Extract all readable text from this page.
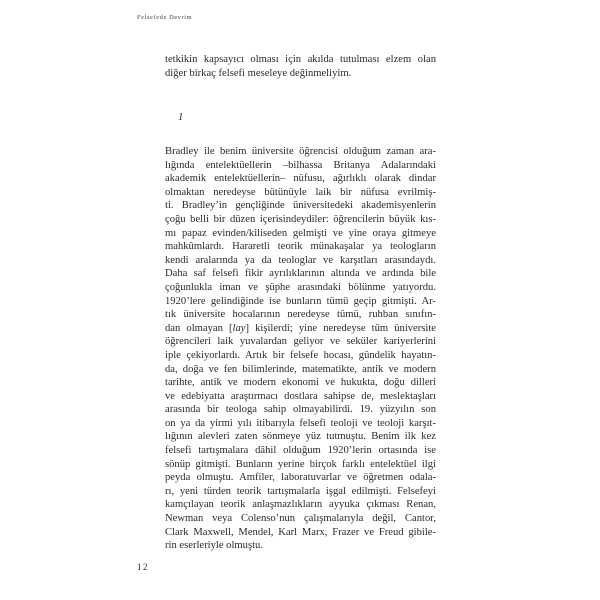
Felsefede Devrim
tetkikin kapsayıcı olması için akılda tutulması elzem olan
diğer birkaç felsefi meseleye değinmeliyim.
1
Bradley ile benim üniversite öğrencisi olduğum zaman ara-
lığında entelektüellerin –bilhassa Britanya Adalarındaki
akademik entelektüellerin– nüfusu, ağırlıklı olarak dindar
olmaktan neredeyse bütünüyle laik bir nüfusa evrilmiş-
ti. Bradley’in gençliğinde üniversitedeki akademisyenlerin
çoğu belli bir düzen içerisindeydiler: öğrencilerin büyük kıs-
mı papaz evinden/kiliseden gelmişti ve yine oraya gitmeye
mahkûmlardı. Hararetli teorik münakaşalar ya teologların
kendi aralarında ya da teologlar ve karşıtları arasındaydı.
Daha saf felsefi fikir ayrılıklarının altında ve ardında bile
çoğunlukla iman ve şüphe arasındaki bölünme yatıyordu.
1920’lere gelindiğinde ise bunların tümü geçip gitmişti. Ar-
tık üniversite hocalarının neredeyse tümü, ruhban sınıfın-
dan olmayan [lay] kişilerdi; yine neredeyse tüm üniversite
öğrencileri laik yuvalardan geliyor ve seküler kariyerlerini
iple çekiyorlardı. Artık bir felsefe hocası, gündelik hayatın-
da, doğa ve fen bilimlerinde, matematikte, antik ve modern
tarihte, antik ve modern ekonomi ve hukukta, doğu dilleri
ve edebiyatta araştırmacı dostlara sahipse de, meslektaşları
arasında bir teologa sahip olmayabilirdi. 19. yüzyılın son
on ya da yirmi yılı itibarıyla felsefi teoloji ve teoloji karşıt-
lığının alevleri zaten sönmeye yüz tutmuştu. Benim ilk kez
felsefi tartışmalara dâhil olduğum 1920’lerin ortasında ise
sönüp gitmişti. Bunların yerine birçok farklı entelektüel ilgi
peyda olmuştu. Amfiler, laboratuvarlar ve öğretmen odala-
rı, yeni türden teorik tartışmalarla işgal edilmişti. Felsefeyi
kamçılayan teorik anlaşmazlıkların ayyuka çıkması Renan,
Newman veya Colenso’nun çalışmalarıyla değil, Cantor,
Clark Maxwell, Mendel, Karl Marx, Frazer ve Freud gibile-
rin eserleriyle olmuştu.
12
